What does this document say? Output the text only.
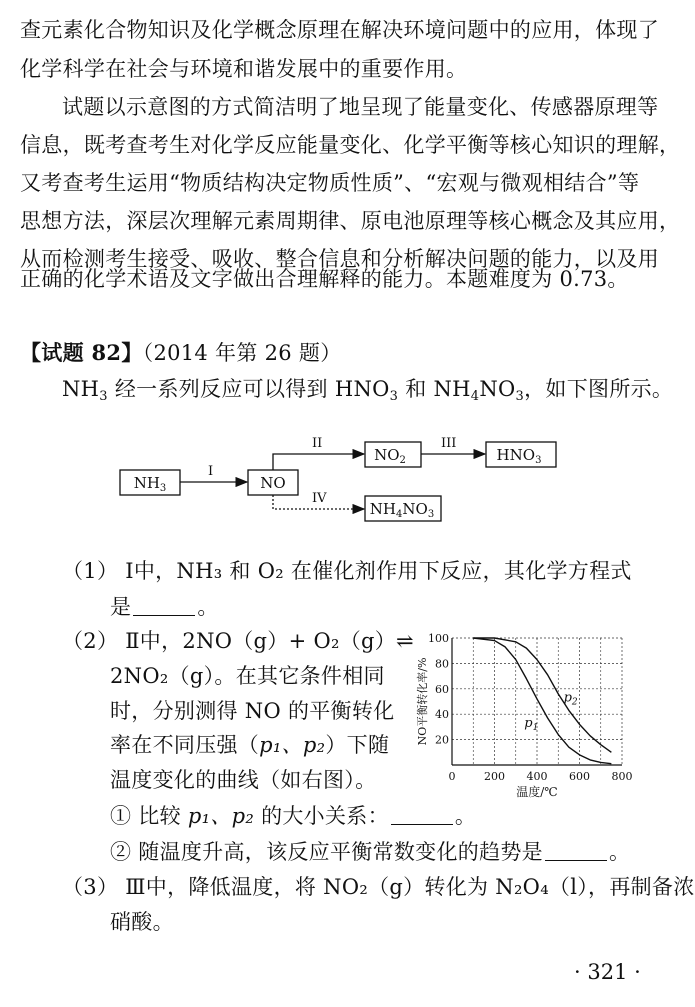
查元素化合物知识及化学概念原理在解决环境问题中的应用，体现了
化学科学在社会与环境和谐发展中的重要作用。
试题以示意图的方式简洁明了地呈现了能量变化、传感器原理等
信息，既考查考生对化学反应能量变化、化学平衡等核心知识的理解，
又考查考生运用“物质结构决定物质性质”、“宏观与微观相结合”等
思想方法，深层次理解元素周期律、原电池原理等核心概念及其应用，
从而检测考生接受、吸收、整合信息和分析解决问题的能力，以及用
正确的化学术语及文字做出合理解释的能力。本题难度为 0.73。
【试题 82】（2014 年第 26 题）
$NH_3$ 经一系列反应可以得到 $HNO_3$ 和 $NH_4NO_3$，如下图所示。
$NH_3$	NO
$NO_2$	$HNO_3$
$NH_4NO_3$
I
II	III
IV
（1） Ⅰ中，NH₃ 和 O₂ 在催化剂作用下反应，其化学方程式
是	。
（2） Ⅱ中，2NO（g）+ O₂（g）⇌
2NO₂（g）。在其它条件相同
时，分别测得 NO 的平衡转化
率在不同压强（p₁、p₂）下随
温度变化的曲线（如右图）。	0	200 400 600 800
20
40
60
80
100
温度/℃
NO平衡转化率/%	$p_1$
$p_2$
① 比较 p₁、p₂ 的大小关系：	。
② 随温度升高，该反应平衡常数变化的趋势是	。
（3） Ⅲ中，降低温度，将 NO₂（g）转化为 N₂O₄（l），再制备浓
硝酸。
· 321 ·
